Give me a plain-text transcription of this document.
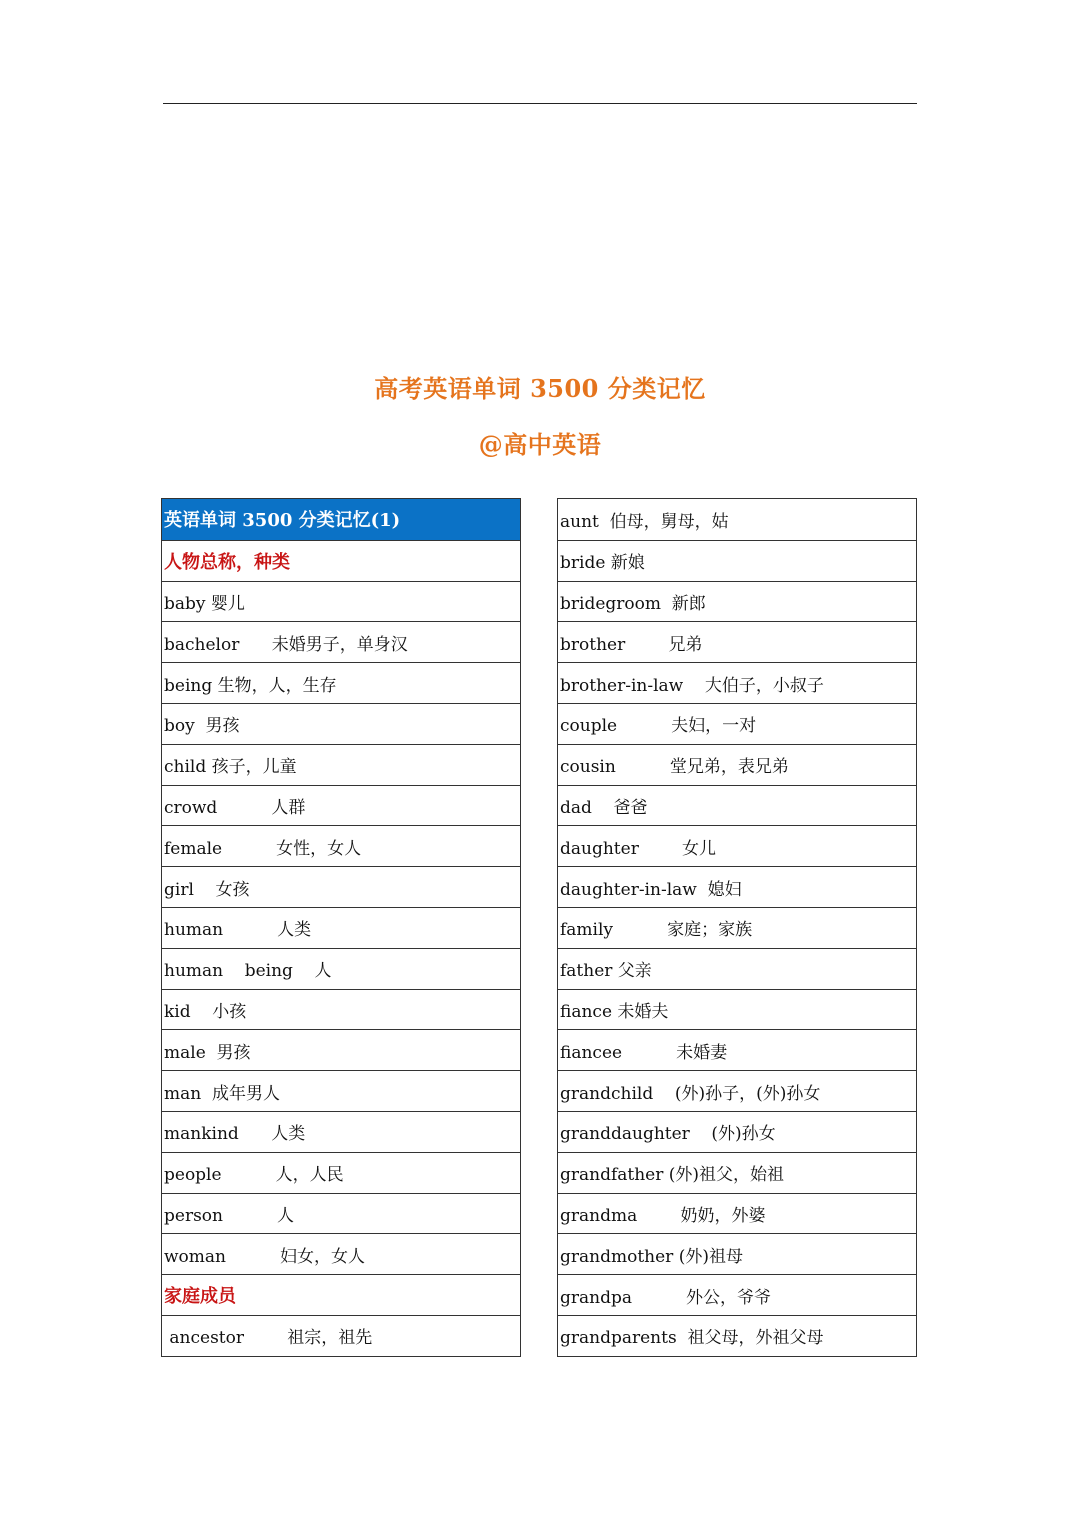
高考英语单词 3500 分类记忆
@高中英语
英语单词 3500 分类记忆(1)
人物总称，种类
baby 婴儿
bachelor      未婚男子，单身汉
being 生物，人，生存
boy  男孩
child 孩子，儿童
crowd          人群
female          女性，女人
girl    女孩
human          人类
human    being    人
kid    小孩
male  男孩
man  成年男人
mankind      人类
people          人，人民
person          人
woman          妇女，女人
家庭成员
ancestor        祖宗，祖先
aunt  伯母，舅母，姑
bride 新娘
bridegroom  新郎
brother        兄弟
brother-in-law    大伯子，小叔子
couple          夫妇，一对
cousin          堂兄弟，表兄弟
dad    爸爸
daughter        女儿
daughter-in-law  媳妇
family          家庭；家族
father 父亲
fiance 未婚夫
fiancee          未婚妻
grandchild    (外)孙子，(外)孙女
granddaughter    (外)孙女
grandfather (外)祖父，始祖
grandma        奶奶，外婆
grandmother (外)祖母
grandpa          外公，爷爷
grandparents  祖父母，外祖父母
